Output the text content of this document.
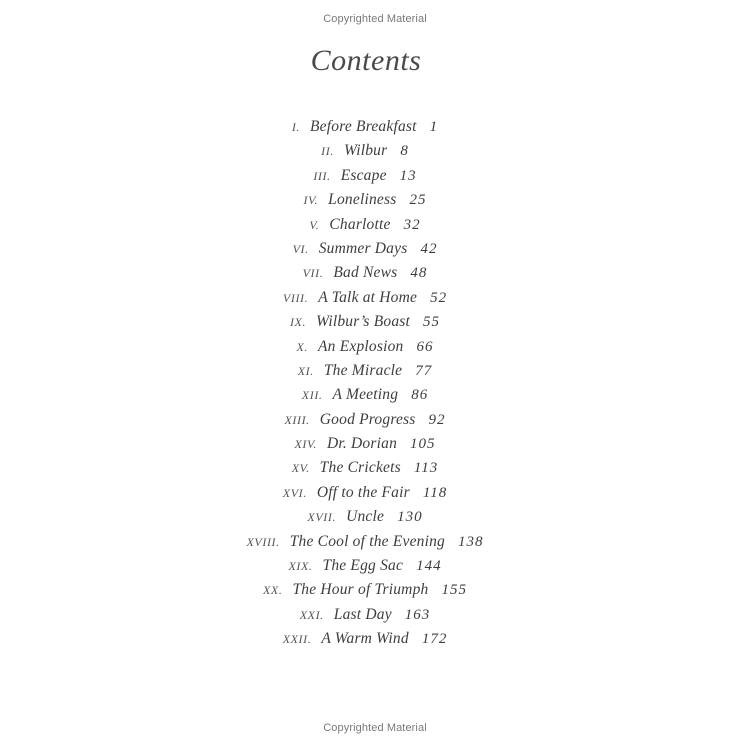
Copyrighted Material
Contents
I. Before Breakfast 1
II. Wilbur 8
III. Escape 13
IV. Loneliness 25
V. Charlotte 32
VI. Summer Days 42
VII. Bad News 48
VIII. A Talk at Home 52
IX. Wilbur’s Boast 55
X. An Explosion 66
XI. The Miracle 77
XII. A Meeting 86
XIII. Good Progress 92
XIV. Dr. Dorian 105
XV. The Crickets 113
XVI. Off to the Fair 118
XVII. Uncle 130
XVIII. The Cool of the Evening 138
XIX. The Egg Sac 144
XX. The Hour of Triumph 155
XXI. Last Day 163
XXII. A Warm Wind 172
Copyrighted Material
